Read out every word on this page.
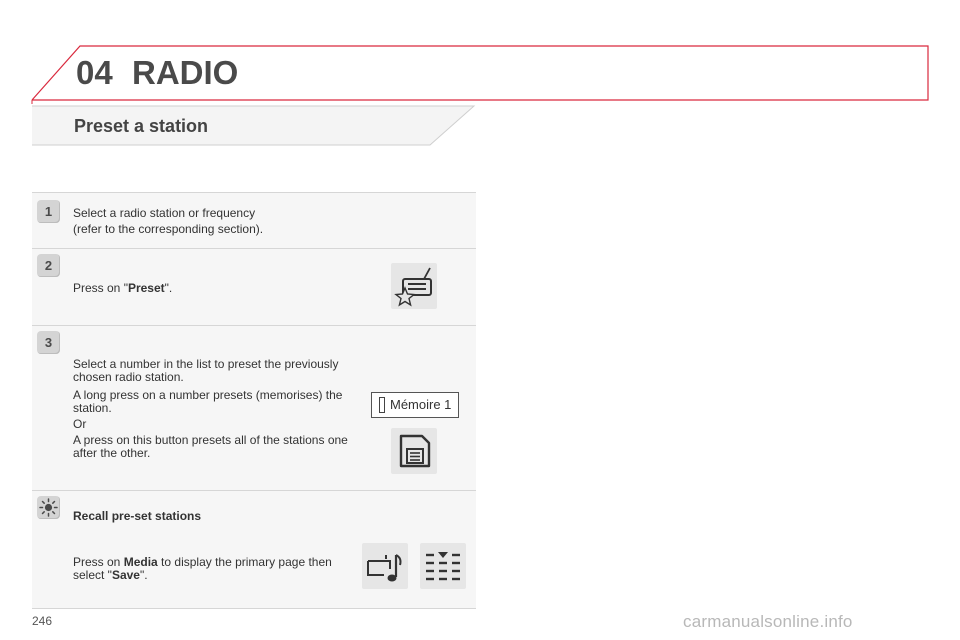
04 RADIO
Preset a station
1	Select a radio station or frequency
(refer to the corresponding section).
2
Press on "Preset".
3
Select a number in the list to preset the previously chosen radio station.
A long press on a number presets (memorises) the station.
Or
A press on this button presets all of the stations one after the other.
Mémoire 1
Recall pre-set stations
Press on Media to display the primary page then select "Save".
246	carmanualsonline.info
